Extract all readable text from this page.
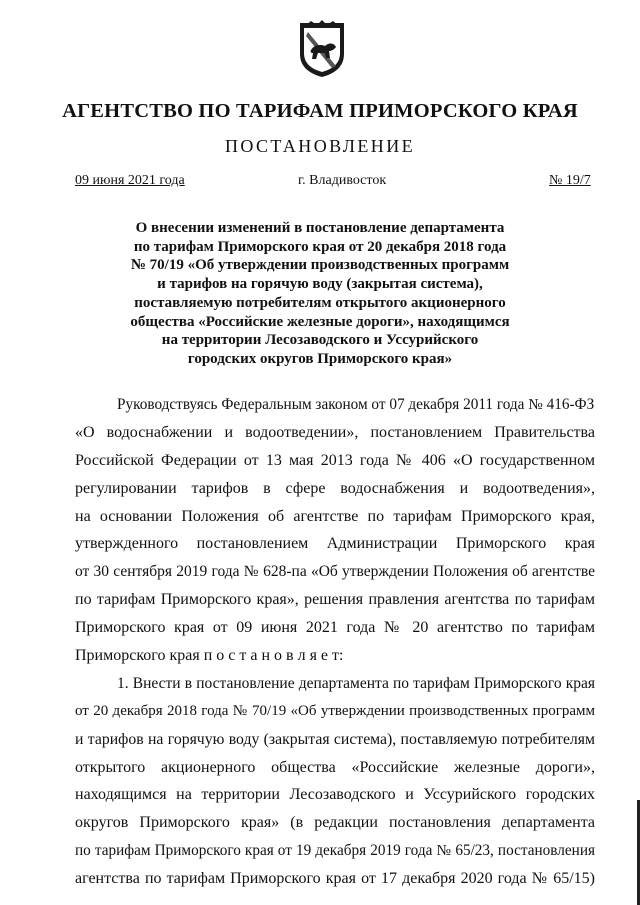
АГЕНТСТВО ПО ТАРИФАМ ПРИМОРСКОГО КРАЯ
ПОСТАНОВЛЕНИЕ
09 июня 2021 года	г. Владивосток	№ 19/7
О внесении изменений в постановление департамента
по тарифам Приморского края от 20 декабря 2018 года
№ 70/19 «Об утверждении производственных программ
и тарифов на горячую воду (закрытая система),
поставляемую потребителям открытого акционерного
общества «Российские железные дороги», находящимся
на территории Лесозаводского и Уссурийского
городских округов Приморского края»
Руководствуясь Федеральным законом от 07 декабря 2011 года № 416-ФЗ
«О водоснабжении и водоотведении», постановлением Правительства
Российской Федерации от 13 мая 2013 года № 406 «О государственном
регулировании тарифов в сфере водоснабжения и водоотведения»,
на основании Положения об агентстве по тарифам Приморского края,
утвержденного постановлением Администрации Приморского края
от 30 сентября 2019 года № 628-па «Об утверждении Положения об агентстве
по тарифам Приморского края», решения правления агентства по тарифам
Приморского края от 09 июня 2021 года № 20 агентство по тарифам
Приморского края п о с т а н о в л я е т:
1. Внести в постановление департамента по тарифам Приморского края
от 20 декабря 2018 года № 70/19 «Об утверждении производственных программ
и тарифов на горячую воду (закрытая система), поставляемую потребителям
открытого акционерного общества «Российские железные дороги»,
находящимся на территории Лесозаводского и Уссурийского городских
округов Приморского края» (в редакции постановления департамента
по тарифам Приморского края от 19 декабря 2019 года № 65/23, постановления
агентства по тарифам Приморского края от 17 декабря 2020 года № 65/15)
